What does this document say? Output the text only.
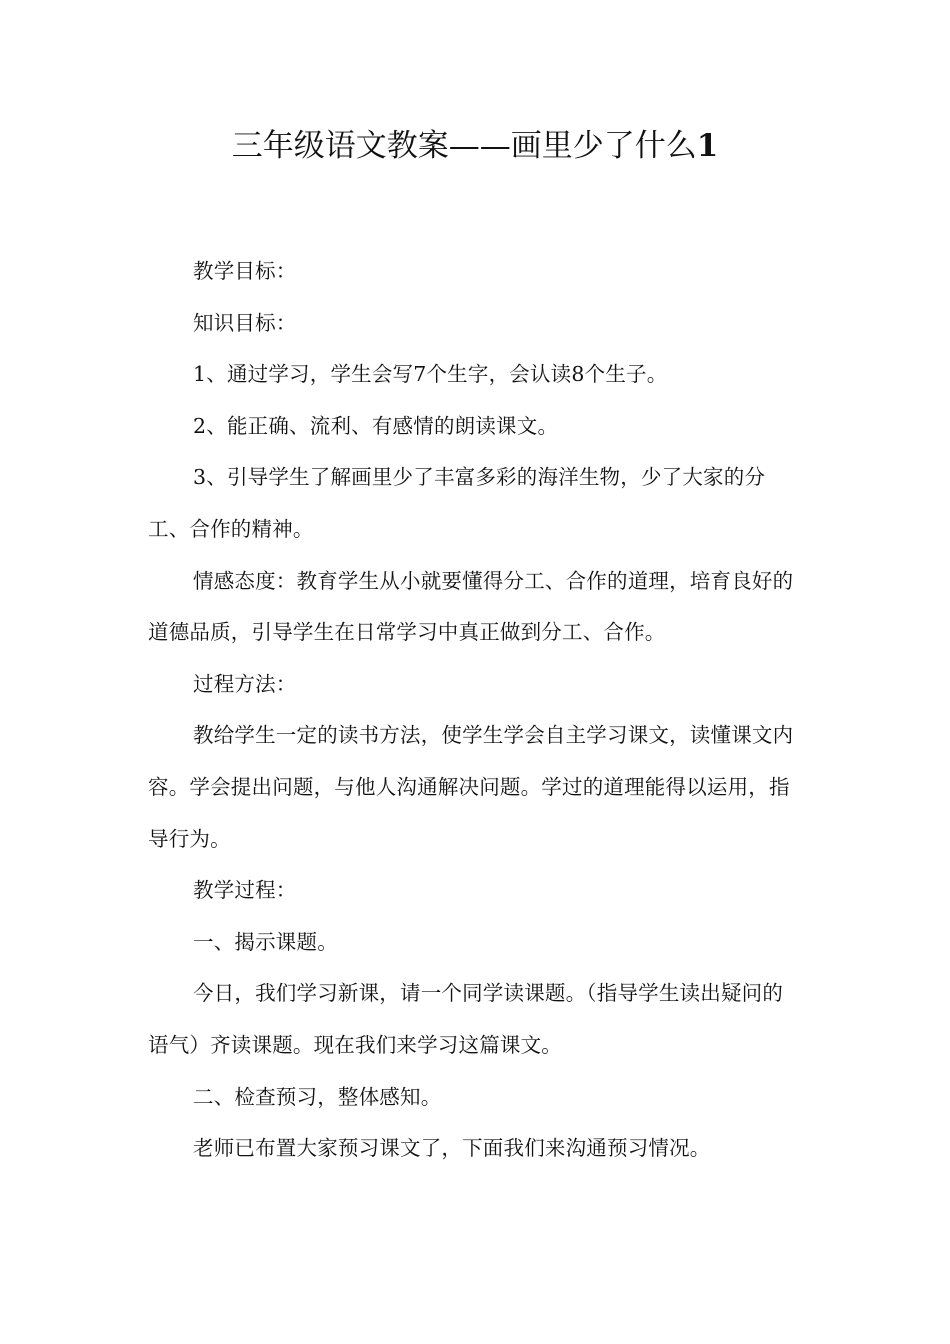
三年级语文教案——画里少了什么1

教学目标：

知识目标：

1、通过学习，学生会写7个生字，会认读8个生子。

2、能正确、流利、有感情的朗读课文。

3、引导学生了解画里少了丰富多彩的海洋生物，少了大家的分工、合作的精神。

情感态度：教育学生从小就要懂得分工、合作的道理，培育良好的道德品质，引导学生在日常学习中真正做到分工、合作。

过程方法：

教给学生一定的读书方法，使学生学会自主学习课文，读懂课文内容。学会提出问题，与他人沟通解决问题。学过的道理能得以运用，指导行为。

教学过程：

一、揭示课题。

今日，我们学习新课，请一个同学读课题。（指导学生读出疑问的语气）齐读课题。现在我们来学习这篇课文。

二、检查预习，整体感知。

老师已布置大家预习课文了，下面我们来沟通预习情况。
